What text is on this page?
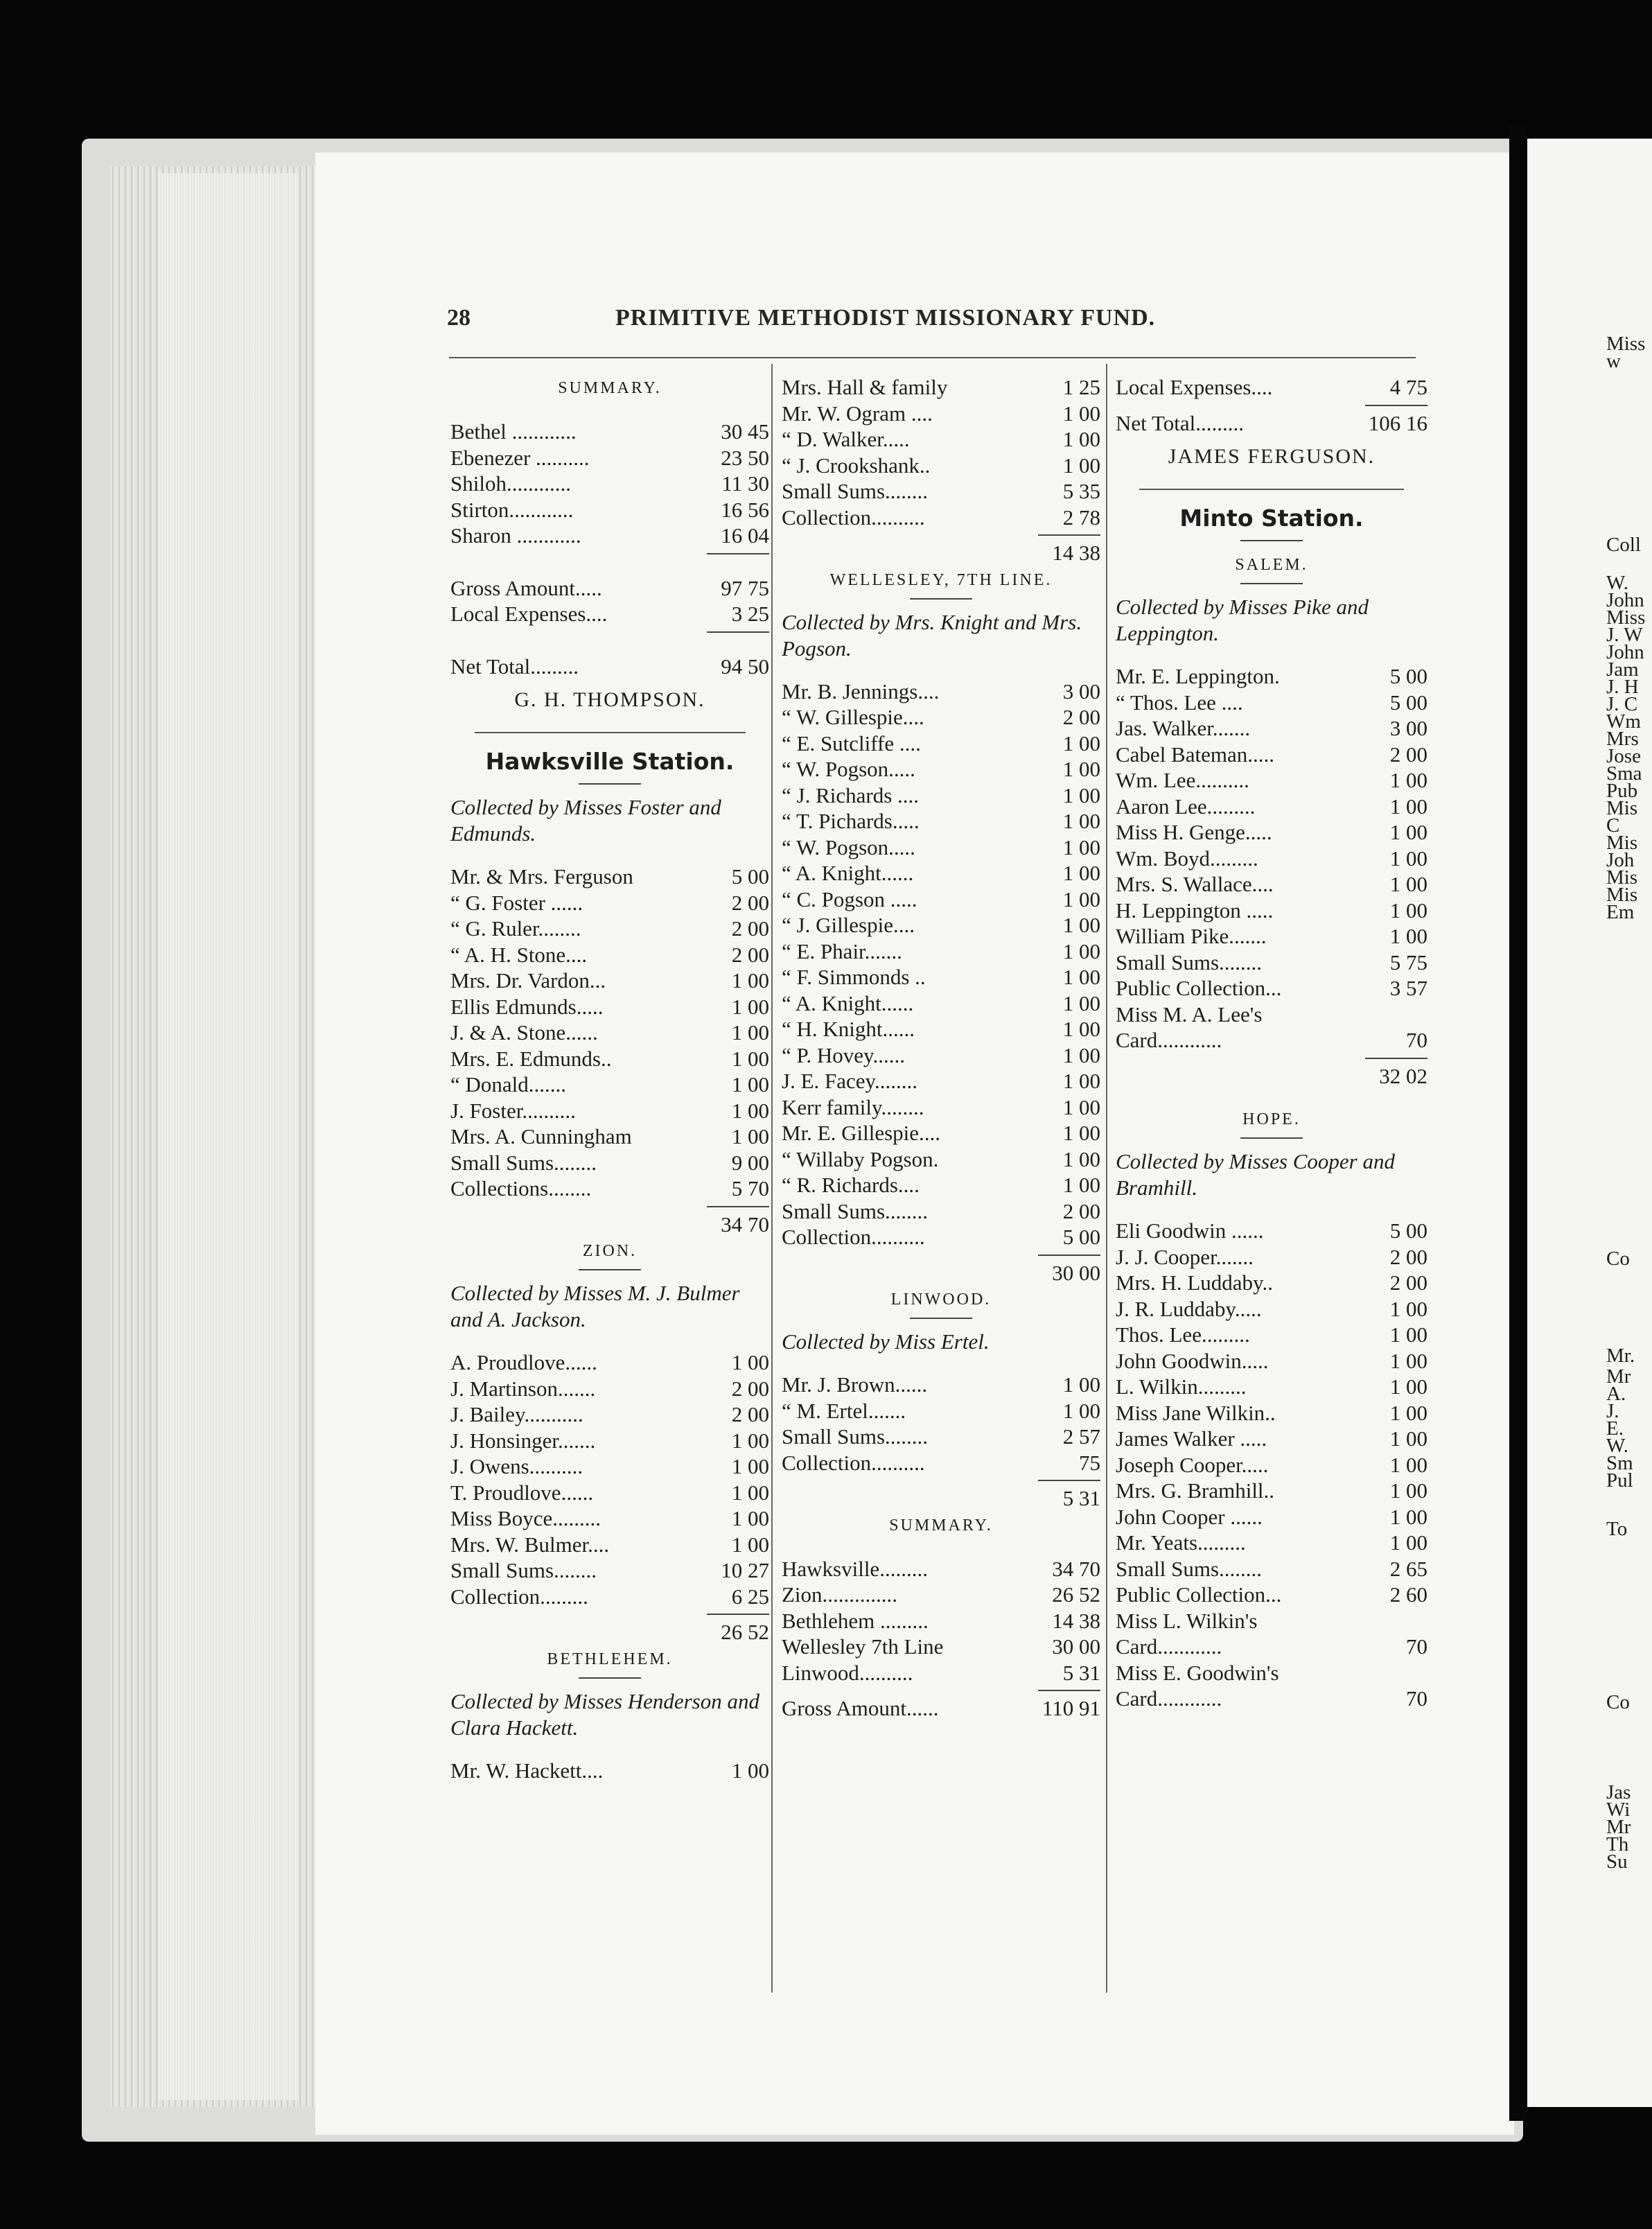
28	PRIMITIVE METHODIST MISSIONARY FUND.
SUMMARY.
Bethel ............	30 45
Ebenezer ..........	23 50
Shiloh............	11 30
Stirton............	16 56
Sharon ............	16 04
Gross Amount.....	97 75
Local Expenses....	3 25
Net Total.........	94 50
G. H. THOMPSON.
Hawksville Station.
Collected by Misses Foster and Edmunds.
Mr. & Mrs. Ferguson	5 00
“ G. Foster ......	2 00
“ G. Ruler........	2 00
“ A. H. Stone....	2 00
Mrs. Dr. Vardon...	1 00
Ellis Edmunds.....	1 00
J. & A. Stone......	1 00
Mrs. E. Edmunds..	1 00
“ Donald.......	1 00
J. Foster..........	1 00
Mrs. A. Cunningham	1 00
Small Sums........	9 00
Collections........	5 70
34 70
ZION.
Collected by Misses M. J. Bulmer and A. Jackson.
A. Proudlove......	1 00
J. Martinson.......	2 00
J. Bailey...........	2 00
J. Honsinger.......	1 00
J. Owens..........	1 00
T. Proudlove......	1 00
Miss Boyce.........	1 00
Mrs. W. Bulmer....	1 00
Small Sums........	10 27
Collection.........	6 25
26 52
BETHLEHEM.
Collected by Misses Henderson and Clara Hackett.
Mr. W. Hackett....	1 00
Mrs. Hall & family	1 25
Mr. W. Ogram ....	1 00
“ D. Walker.....	1 00
“ J. Crookshank..	1 00
Small Sums........	5 35
Collection..........	2 78
14 38
WELLESLEY, 7TH LINE.
Collected by Mrs. Knight and Mrs. Pogson.
Mr. B. Jennings....	3 00
“ W. Gillespie....	2 00
“ E. Sutcliffe ....	1 00
“ W. Pogson.....	1 00
“ J. Richards ....	1 00
“ T. Pichards.....	1 00
“ W. Pogson.....	1 00
“ A. Knight......	1 00
“ C. Pogson .....	1 00
“ J. Gillespie....	1 00
“ E. Phair.......	1 00
“ F. Simmonds ..	1 00
“ A. Knight......	1 00
“ H. Knight......	1 00
“ P. Hovey......	1 00
J. E. Facey........	1 00
Kerr family........	1 00
Mr. E. Gillespie....	1 00
“ Willaby Pogson.	1 00
“ R. Richards....	1 00
Small Sums........	2 00
Collection..........	5 00
30 00
LINWOOD.
Collected by Miss Ertel.
Mr. J. Brown......	1 00
“ M. Ertel.......	1 00
Small Sums........	2 57
Collection..........	75
5 31
SUMMARY.
Hawksville.........	34 70
Zion..............	26 52
Bethlehem .........	14 38
Wellesley 7th Line	30 00
Linwood..........	5 31
Gross Amount......	110 91
Local Expenses....	4 75
Net Total.........	106 16
JAMES FERGUSON.
Minto Station.
SALEM.
Collected by Misses Pike and Leppington.
Mr. E. Leppington.	5 00
“ Thos. Lee ....	5 00
Jas. Walker.......	3 00
Cabel Bateman.....	2 00
Wm. Lee..........	1 00
Aaron Lee.........	1 00
Miss H. Genge.....	1 00
Wm. Boyd.........	1 00
Mrs. S. Wallace....	1 00
H. Leppington .....	1 00
William Pike.......	1 00
Small Sums........	5 75
Public Collection...	3 57
Miss M. A. Lee's
Card............	70
32 02
HOPE.
Collected by Misses Cooper and Bramhill.
Eli Goodwin ......	5 00
J. J. Cooper.......	2 00
Mrs. H. Luddaby..	2 00
J. R. Luddaby.....	1 00
Thos. Lee.........	1 00
John Goodwin.....	1 00
L. Wilkin.........	1 00
Miss Jane Wilkin..	1 00
James Walker .....	1 00
Joseph Cooper.....	1 00
Mrs. G. Bramhill..	1 00
John Cooper ......	1 00
Mr. Yeats.........	1 00
Small Sums........	2 65
Public Collection...	2 60
Miss L. Wilkin's
Card............	70
Miss E. Goodwin's
Card............	70
Miss
w
Coll
W.
John
Miss
J. W
John
Jam
J. H
J. C
Wm
Mrs
Jose
Sma
Pub
Mis
C
Mis
Joh
Mis
Mis
Em
Co
Mr.
Mr
A.
J.
E.
W.
Sm
Pul
To
Co
Jas
Wi
Mr
Th
Su
